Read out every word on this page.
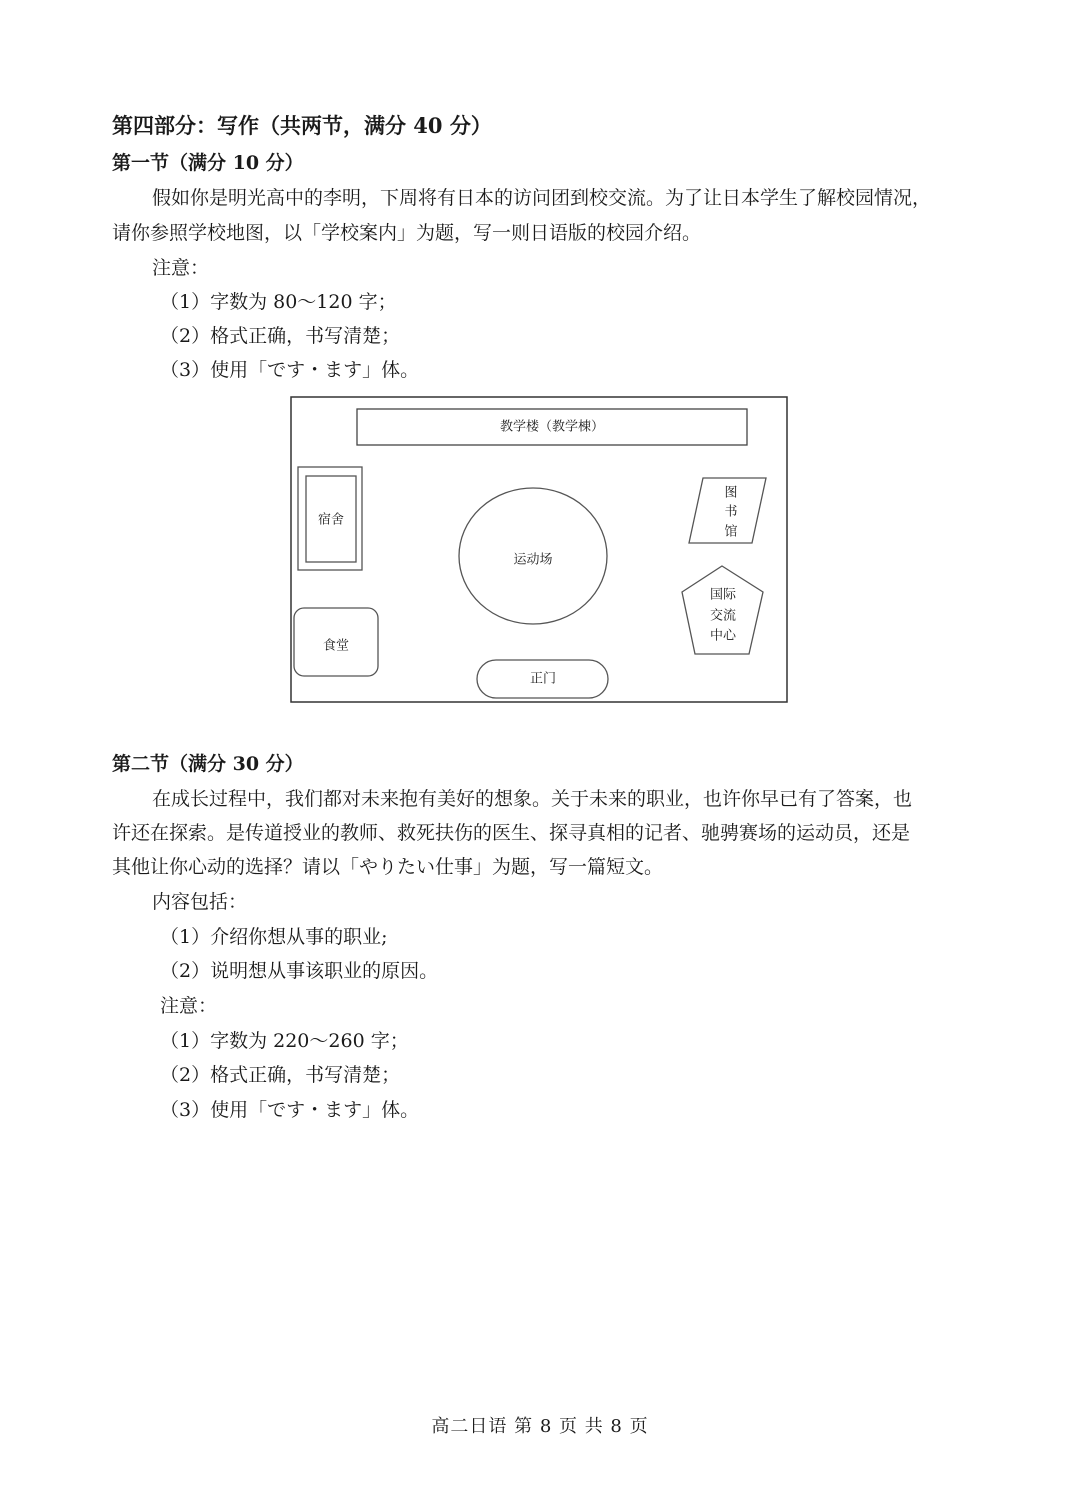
第四部分：写作（共两节，满分 40 分）
第一节（满分 10 分）
假如你是明光高中的李明，下周将有日本的访问团到校交流。为了让日本学生了解校园情况，
请你参照学校地图，以「学校案内」为题，写一则日语版的校园介绍。
注意：
（1）字数为 80～120 字；
（2）格式正确，书写清楚；
（3）使用「です・ます」体。
教学楼（教学棟）
宿舍
运动场
图
书
馆
国际
交流
中心
食堂
正门
第二节（满分 30 分）
在成长过程中，我们都对未来抱有美好的想象。关于未来的职业，也许你早已有了答案，也
许还在探索。是传道授业的教师、救死扶伤的医生、探寻真相的记者、驰骋赛场的运动员，还是
其他让你心动的选择？请以「やりたい仕事」为题，写一篇短文。
内容包括：
（1）介绍你想从事的职业;
（2）说明想从事该职业的原因。
注意：
（1）字数为 220～260 字；
（2）格式正确，书写清楚；
（3）使用「です・ます」体。
高二日语 第 8 页 共 8 页
